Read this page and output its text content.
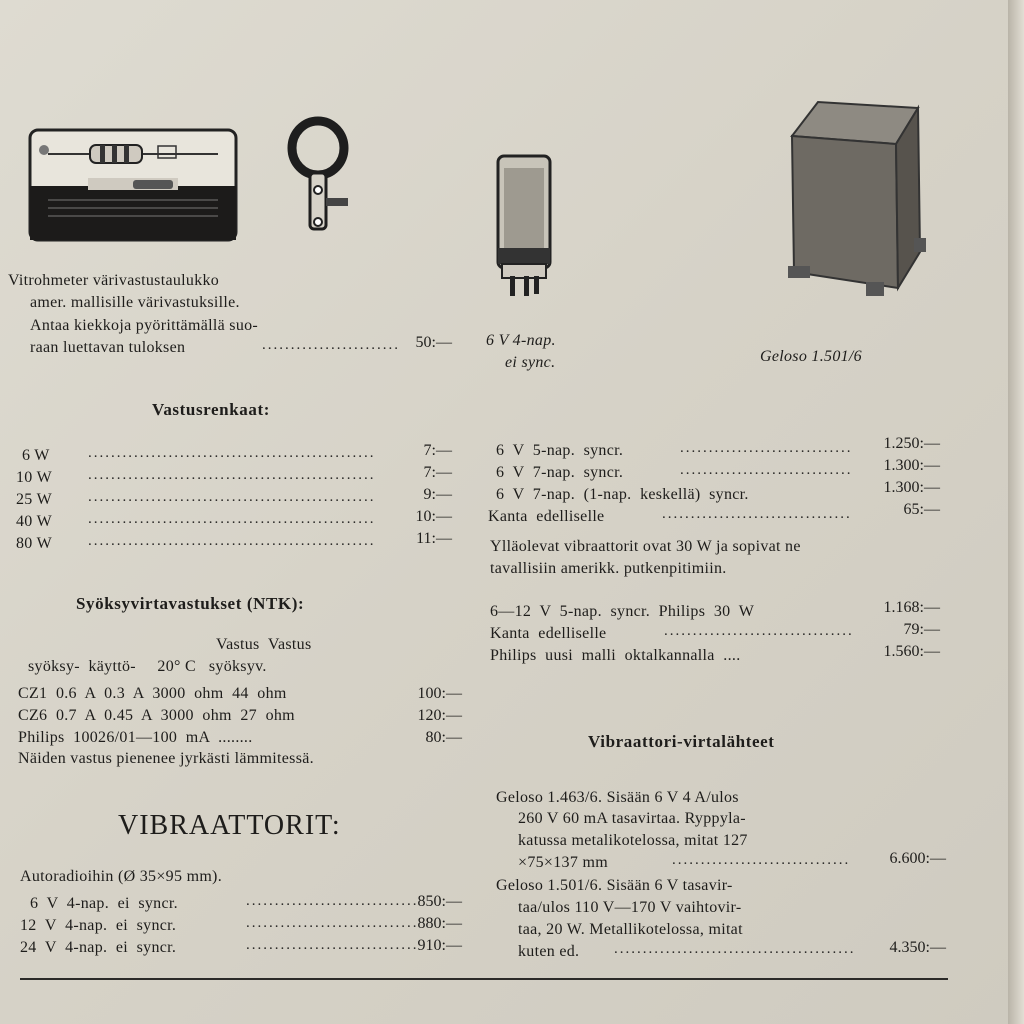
Vitrohmeter värivastustaulukko
amer. mallisille värivastuksille.
Antaa kiekkoja pyörittämällä suo-
raan luettavan tuloksen	........................ 50:— 6 V 4-nap.
ei sync.	Geloso 1.501/6
Vastusrenkaat:
6 W	..................................................	7:—
10 W ..................................................	7:—
25 W ..................................................	9:—
40 W ..................................................	10:—
80 W ..................................................	11:—
Syöksyvirtavastukset (NTK):
Vastus  Vastus
syöksy-  käyttö-     20° C   syöksyv.
CZ1  0.6  A  0.3  A  3000  ohm  44  ohm	100:—
CZ6  0.7  A  0.45  A  3000  ohm  27  ohm	120:—
Philips  10026/01—100  mA  ........	80:—
Näiden vastus pienenee jyrkästi lämmitessä.
VIBRAATTORIT:
Autoradioihin (Ø 35×95 mm).
6  V  4-nap.  ei  syncr.	.............................. 850:—
12  V  4-nap.  ei  syncr.	.............................. 880:—
24  V  4-nap.  ei  syncr.	.............................. 910:—
6  V  5-nap.  syncr.	..............................	1.250:—
6  V  7-nap.  syncr.	..............................	1.300:—
6  V  7-nap.  (1-nap.  keskellä)  syncr.	1.300:—
Kanta  edelliselle	.................................	65:—
Ylläolevat vibraattorit ovat 30 W ja sopivat ne
tavallisiin amerikk. putkenpitimiin.
6—12  V  5-nap.  syncr.  Philips  30  W	1.168:—
Kanta  edelliselle	.................................	79:—
Philips  uusi  malli  oktalkannalla  ....	1.560:—
Vibraattori-virtalähteet
Geloso 1.463/6. Sisään 6 V 4 A/ulos
260 V 60 mA tasavirtaa. Ryppyla-
katussa metalikotelossa, mitat 127
×75×137 mm	...............................	6.600:—
Geloso 1.501/6. Sisään 6 V tasavir-
taa/ulos 110 V—170 V vaihtovir-
taa, 20 W. Metallikotelossa, mitat
kuten ed. ..........................................	4.350:—
